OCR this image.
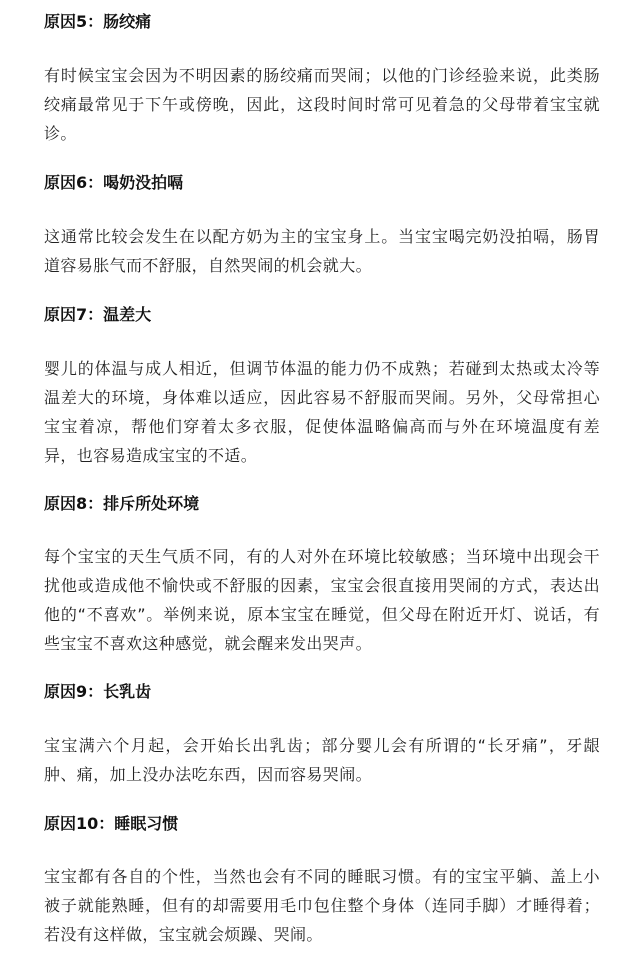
原因5：肠绞痛
有时候宝宝会因为不明因素的肠绞痛而哭闹；以他的门诊经验来说，此类肠绞痛最常见于下午或傍晚，因此，这段时间时常可见着急的父母带着宝宝就诊。
原因6：喝奶没拍嗝
这通常比较会发生在以配方奶为主的宝宝身上。当宝宝喝完奶没拍嗝，肠胃道容易胀气而不舒服，自然哭闹的机会就大。
原因7：温差大
婴儿的体温与成人相近，但调节体温的能力仍不成熟；若碰到太热或太冷等温差大的环境，身体难以适应，因此容易不舒服而哭闹。另外，父母常担心宝宝着凉，帮他们穿着太多衣服，促使体温略偏高而与外在环境温度有差异，也容易造成宝宝的不适。
原因8：排斥所处环境
每个宝宝的天生气质不同，有的人对外在环境比较敏感；当环境中出现会干扰他或造成他不愉快或不舒服的因素，宝宝会很直接用哭闹的方式，表达出他的“不喜欢”。举例来说，原本宝宝在睡觉，但父母在附近开灯、说话，有些宝宝不喜欢这种感觉，就会醒来发出哭声。
原因9：长乳齿
宝宝满六个月起，会开始长出乳齿；部分婴儿会有所谓的“长牙痛”，牙龈肿、痛，加上没办法吃东西，因而容易哭闹。
原因10：睡眠习惯
宝宝都有各自的个性，当然也会有不同的睡眠习惯。有的宝宝平躺、盖上小被子就能熟睡，但有的却需要用毛巾包住整个身体（连同手脚）才睡得着；若没有这样做，宝宝就会烦躁、哭闹。
